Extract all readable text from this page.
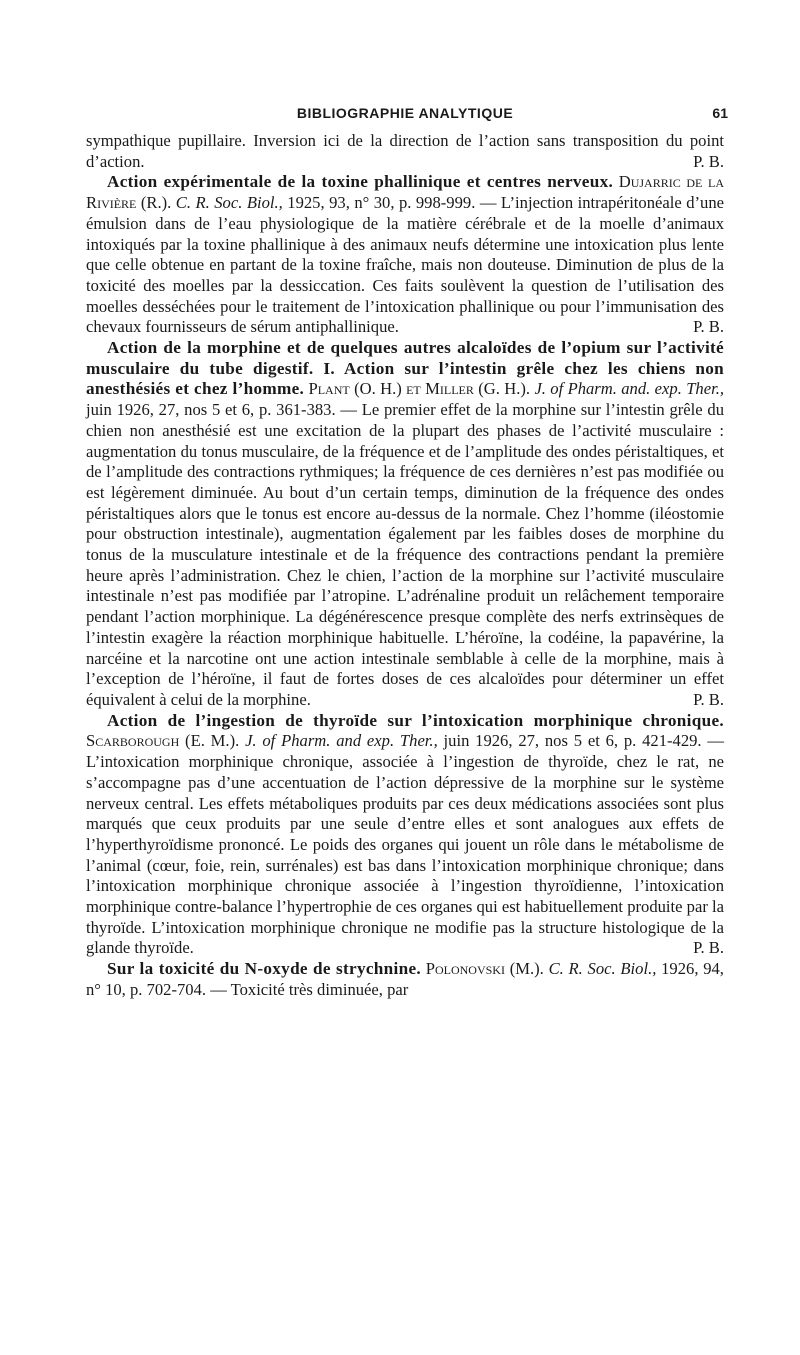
BIBLIOGRAPHIE ANALYTIQUE	61

sympathique pupillaire. Inversion ici de la direction de l’action sans transposition du point d’action.	P. B.

Action expérimentale de la toxine phallinique et centres nerveux. Dujarric de la Rivière (R.). C. R. Soc. Biol., 1925, 93, n° 30, p. 998-999. — L’injection intrapéritonéale d’une émulsion dans de l’eau physiologique de la matière cérébrale et de la moelle d’animaux intoxiqués par la toxine phallinique à des animaux neufs détermine une intoxication plus lente que celle obtenue en partant de la toxine fraîche, mais non douteuse. Diminution de plus de la toxicité des moelles par la dessiccation. Ces faits soulèvent la question de l’utilisation des moelles desséchées pour le traitement de l’intoxication phallinique ou pour l’immunisation des chevaux fournisseurs de sérum antiphallinique.	P. B.

Action de la morphine et de quelques autres alcaloïdes de l’opium sur l’activité musculaire du tube digestif. I. Action sur l’intestin grêle chez les chiens non anesthésiés et chez l’homme. Plant (O. H.) et Miller (G. H.). J. of Pharm. and. exp. Ther., juin 1926, 27, nos 5 et 6, p. 361-383. — Le premier effet de la morphine sur l’intestin grêle du chien non anesthésié est une excitation de la plupart des phases de l’activité musculaire : augmentation du tonus musculaire, de la fréquence et de l’amplitude des ondes péristaltiques, et de l’amplitude des contractions rythmiques; la fréquence de ces dernières n’est pas modifiée ou est légèrement diminuée. Au bout d’un certain temps, diminution de la fréquence des ondes péristaltiques alors que le tonus est encore au-dessus de la normale. Chez l’homme (iléostomie pour obstruction intestinale), augmentation également par les faibles doses de morphine du tonus de la musculature intestinale et de la fréquence des contractions pendant la première heure après l’administration. Chez le chien, l’action de la morphine sur l’activité musculaire intestinale n’est pas modifiée par l’atropine. L’adrénaline produit un relâchement temporaire pendant l’action morphinique. La dégénérescence presque complète des nerfs extrinsèques de l’intestin exagère la réaction morphinique habituelle. L’héroïne, la codéine, la papavérine, la narcéine et la narcotine ont une action intestinale semblable à celle de la morphine, mais à l’exception de l’héroïne, il faut de fortes doses de ces alcaloïdes pour déterminer un effet équivalent à celui de la morphine.	P. B.

Action de l’ingestion de thyroïde sur l’intoxication morphinique chronique. Scarborough (E. M.). J. of Pharm. and exp. Ther., juin 1926, 27, nos 5 et 6, p. 421-429. — L’intoxication morphinique chronique, associée à l’ingestion de thyroïde, chez le rat, ne s’accompagne pas d’une accentuation de l’action dépressive de la morphine sur le système nerveux central. Les effets métaboliques produits par ces deux médications associées sont plus marqués que ceux produits par une seule d’entre elles et sont analogues aux effets de l’hyperthyroïdisme prononcé. Le poids des organes qui jouent un rôle dans le métabolisme de l’animal (cœur, foie, rein, surrénales) est bas dans l’intoxication morphinique chronique; dans l’intoxication morphinique chronique associée à l’ingestion thyroïdienne, l’intoxication morphinique contre-balance l’hypertrophie de ces organes qui est habituellement produite par la thyroïde. L’intoxication morphinique chronique ne modifie pas la structure histologique de la glande thyroïde.	P. B.

Sur la toxicité du N-oxyde de strychnine. Polonovski (M.). C. R. Soc. Biol., 1926, 94, n° 10, p. 702-704. — Toxicité très diminuée, par
